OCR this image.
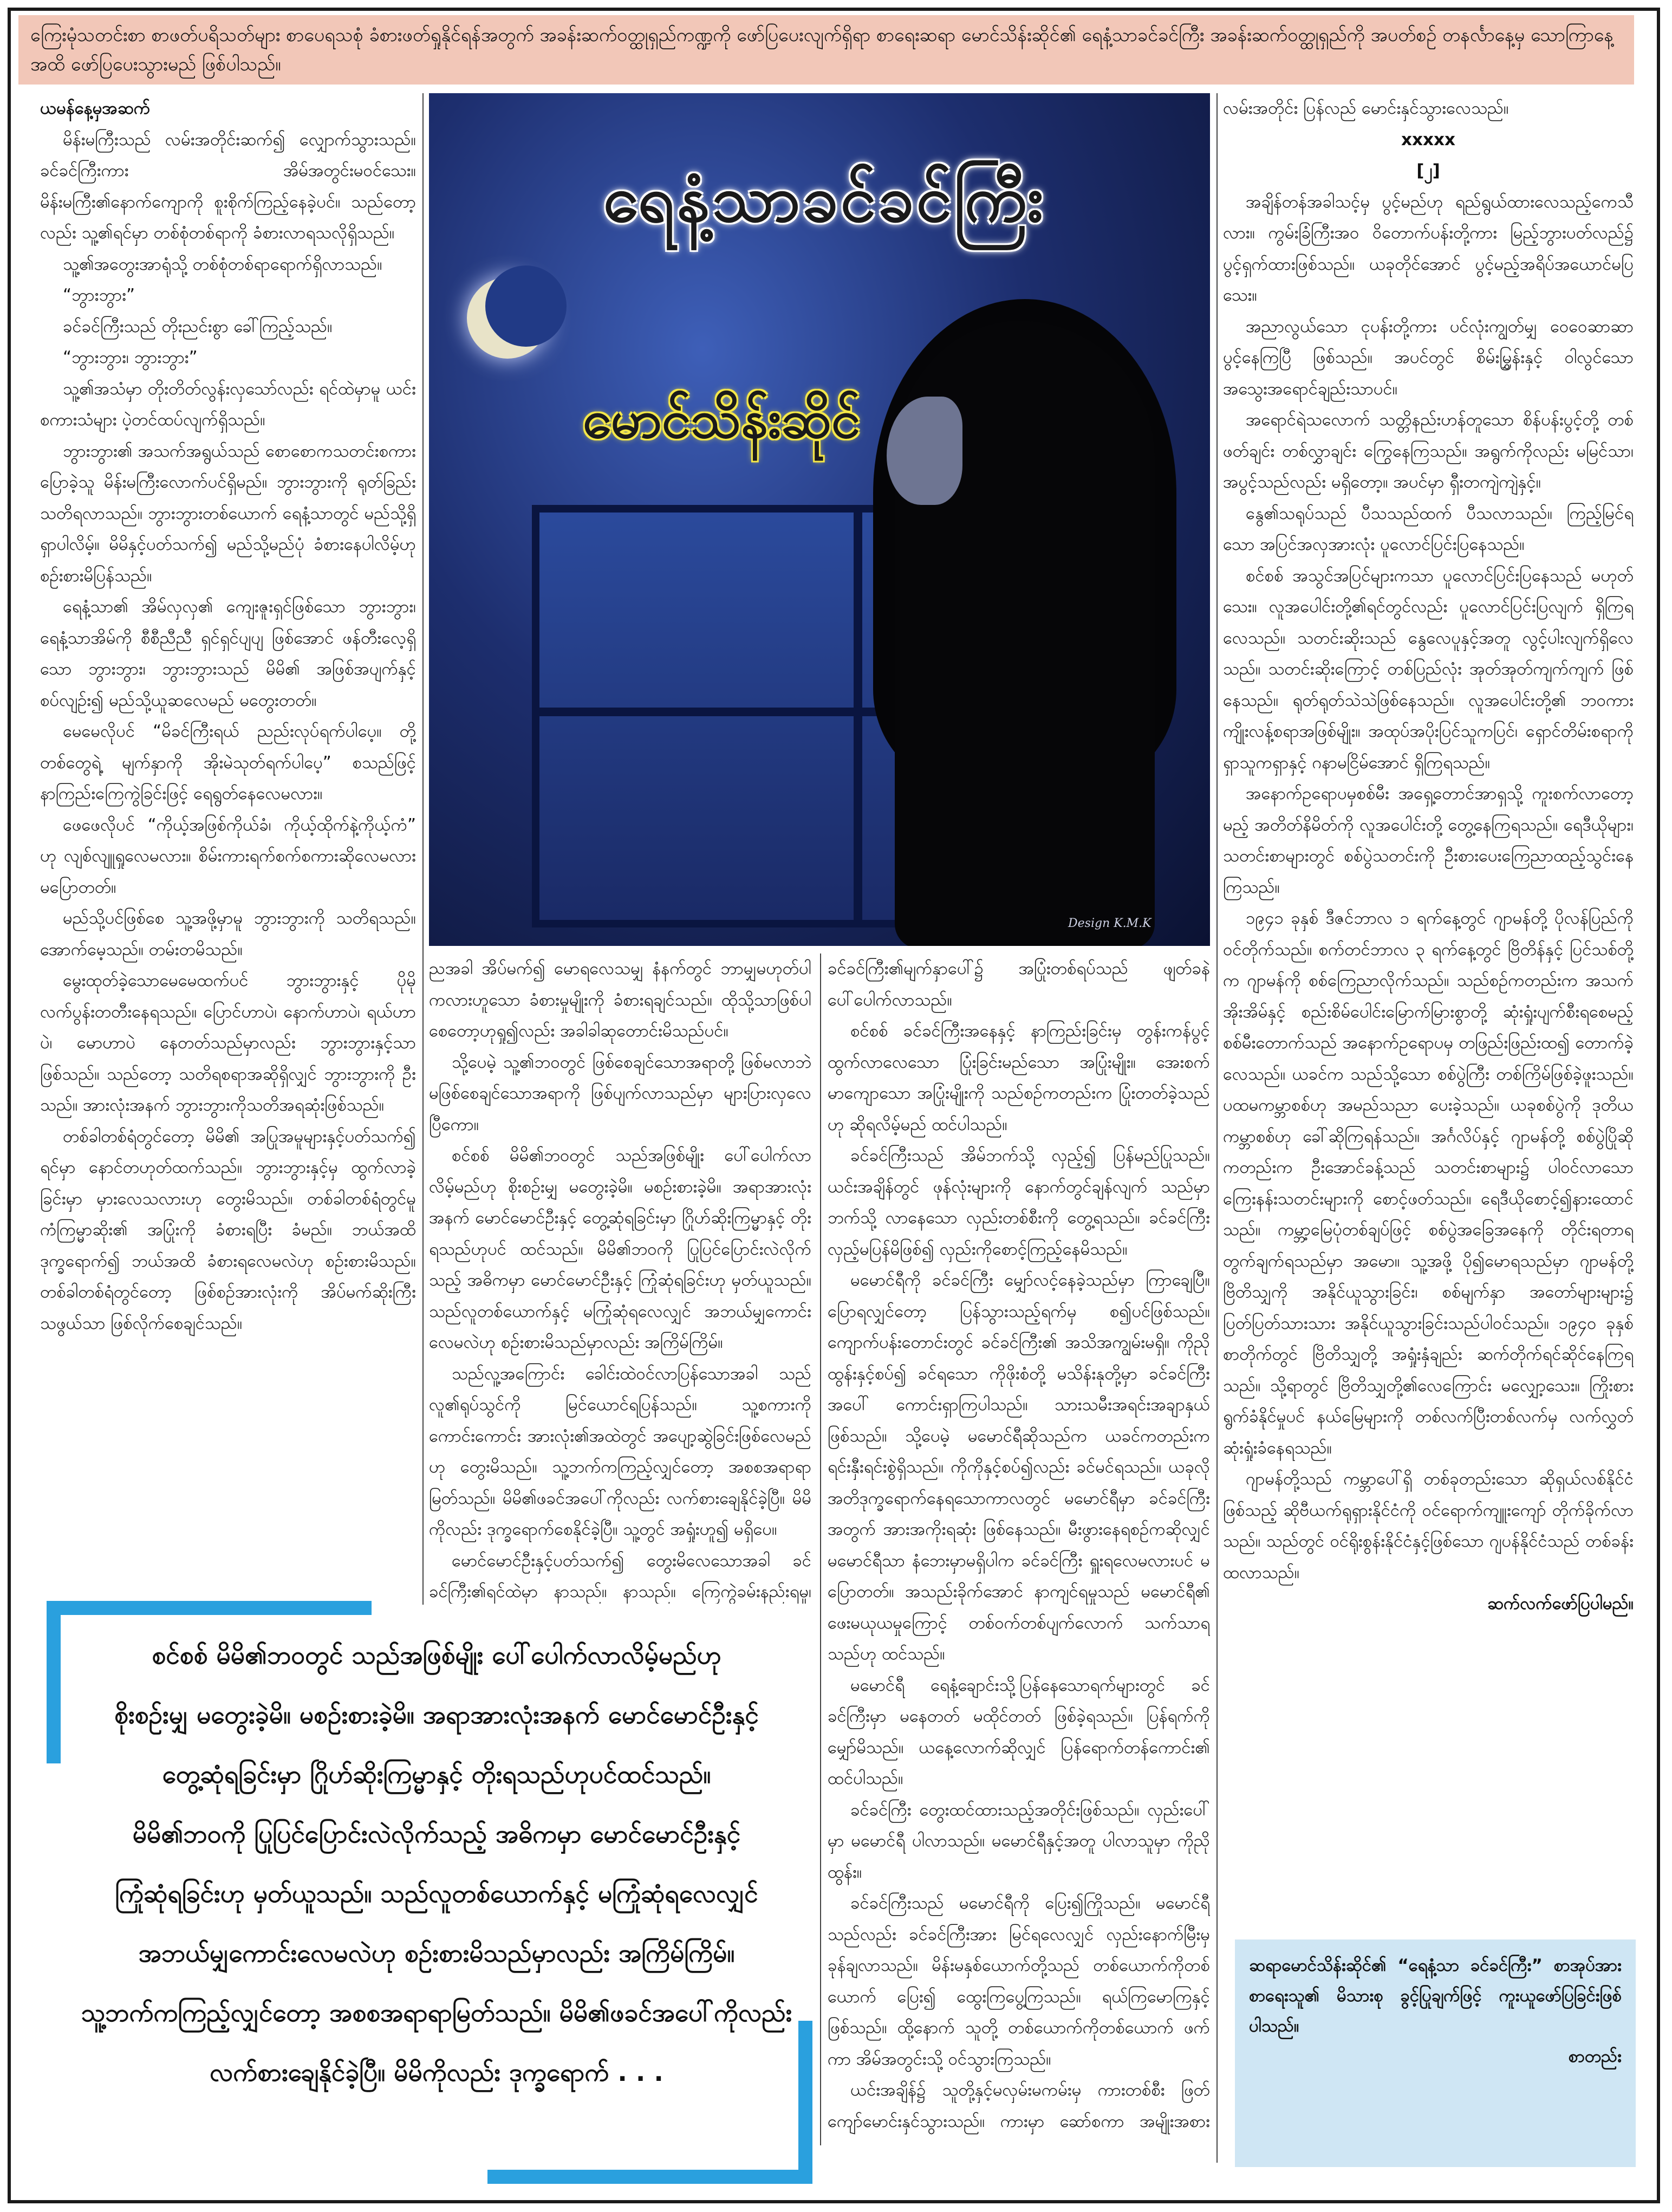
ကြေးမုံသတင်းစာ စာဖတ်ပရိသတ်များ စာပေရသစုံ ခံစားဖတ်ရှုနိုင်ရန်အတွက် အခန်းဆက်ဝတ္ထုရှည်ကဏ္ဍကို ဖော်ပြပေးလျက်ရှိရာ စာရေးဆရာ မောင်သိန်းဆိုင်၏ ရေနံ့သာခင်ခင်ကြီး အခန်းဆက်ဝတ္ထုရှည်ကို အပတ်စဉ် တနင်္လာနေ့မှ သောကြာနေ့အထိ ဖော်ပြပေးသွားမည် ဖြစ်ပါသည်။

ယမန်နေ့မှအဆက်

မိန်းမကြီးသည် လမ်းအတိုင်းဆက်၍ လျှောက်သွားသည်။ ခင်ခင်ကြီးကား အိမ်အတွင်းမဝင်သေး။ မိန်းမကြီး၏နောက်ကျောကို စူးစိုက်ကြည့်နေခဲ့ပင်။ သည်တော့လည်း သူ့၏ရင်မှာ တစ်စုံတစ်ရာကို ခံစားလာရသလိုရှိသည်။

သူ့၏အတွေးအာရုံသို့ တစ်စုံတစ်ရာရောက်ရှိလာသည်။

“ဘွားဘွား”

ခင်ခင်ကြီးသည် တိုးညင်းစွာ ခေါ်ကြည့်သည်။

“ဘွားဘွား၊ ဘွားဘွား”

သူ့၏အသံမှာ တိုးတိတ်လွန်းလှသော်လည်း ရင်ထဲမှာမူ ယင်းစကားသံများ ပဲ့တင်ထပ်လျက်ရှိသည်။

ဘွားဘွား၏ အသက်အရွယ်သည် စောစောကသတင်းစကားပြောခဲ့သူ မိန်းမကြီးလောက်ပင်ရှိမည်။ ဘွားဘွားကို ရုတ်ခြည်းသတိရလာသည်။ ဘွားဘွားတစ်ယောက် ရေနံ့သာတွင် မည်သို့ရှိရှာပါလိမ့်။ မိမိနှင့်ပတ်သက်၍ မည်သို့မည်ပုံ ခံစားနေပါလိမ့်ဟု စဉ်းစားမိပြန်သည်။

ရေနံ့သာ၏ အိမ်လှလှ၏ ကျေးဇူးရှင်ဖြစ်သော ဘွားဘွား၊ ရေနံ့သာအိမ်ကို စီစီညီညီ ရှင်ရှင်ပျပျ ဖြစ်အောင် ဖန်တီးလေ့ရှိသော ဘွားဘွား၊ ဘွားဘွားသည် မိမိ၏ အဖြစ်အပျက်နှင့်စပ်လျဉ်း၍ မည်သို့ယူဆလေမည် မတွေးတတ်။

မေမေလိုပင် “မိခင်ကြီးရယ် ညည်းလုပ်ရက်ပါပေ့။ တို့တစ်တွေရဲ့ မျက်နှာကို အိုးမဲသုတ်ရက်ပါပေ့” စသည်ဖြင့် နာကြည်းကြေကွဲခြင်းဖြင့် ရေရွတ်နေလေမလား။

ဖေဖေလိုပင် “ကိုယ့်အဖြစ်ကိုယ်ခံ၊ ကိုယ့်ထိုက်နဲ့ကိုယ့်ကံ” ဟု လျစ်လျူရှုလေမလား။ စိမ်းကားရက်စက်စကားဆိုလေမလား မပြောတတ်။

မည်သို့ပင်ဖြစ်စေ သူ့အဖို့မှာမူ ဘွားဘွားကို သတိရသည်။ အောက်မေ့သည်။ တမ်းတမိသည်။

မွေးထုတ်ခဲ့သောမေမေထက်ပင် ဘွားဘွားနှင့် ပိုမိုလက်ပွန်းတတီးနေရသည်။ ပြောင်ဟာပဲ၊ နောက်ဟာပဲ၊ ရယ်ဟာပဲ၊ မောဟာပဲ နေတတ်သည်မှာလည်း ဘွားဘွားနှင့်သာဖြစ်သည်။ သည်တော့ သတိရစရာအဆိုရှိလျှင် ဘွားဘွားကို ဦးသည်။ အားလုံးအနက် ဘွားဘွားကိုသတိအရဆုံးဖြစ်သည်။

တစ်ခါတစ်ရံတွင်တော့ မိမိ၏ အပြုအမူများနှင့်ပတ်သက်၍ ရင်မှာ နောင်တဟုတ်ထက်သည်။ ဘွားဘွားနှင့်မှ ထွက်လာခဲ့ခြင်းမှာ မှားလေသလားဟု တွေးမိသည်။ တစ်ခါတစ်ရံတွင်မူ ကံကြမ္မာဆိုး၏ အပြုံးကို ခံစားရပြီး ခံမည်။ ဘယ်အထိ ဒုက္ခရောက်၍ ဘယ်အထိ ခံစားရလေမလဲဟု စဉ်းစားမိသည်။ တစ်ခါတစ်ရံတွင်တော့ ဖြစ်စဉ်အားလုံးကို အိပ်မက်ဆိုးကြီးသဖွယ်သာ ဖြစ်လိုက်စေချင်သည်။

ရေနံ့သာခင်ခင်ကြီး
မောင်သိန်းဆိုင်
Design K.M.K

ညအခါ အိပ်မက်၍ မောရလေသမျှ နံနက်တွင် ဘာမျှမဟုတ်ပါကလားဟူသော ခံစားမှုမျိုးကို ခံစားရချင်သည်။ ထိုသို့သာဖြစ်ပါစေတော့ဟုရှု၍လည်း အခါခါဆုတောင်းမိသည်ပင်။

သို့ပေမဲ့ သူ့၏ဘဝတွင် ဖြစ်စေချင်သောအရာတို့ ဖြစ်မလာဘဲ မဖြစ်စေချင်သောအရာကို ဖြစ်ပျက်လာသည်မှာ များပြားလှလေပြီကော။

စင်စစ် မိမိ၏ဘဝတွင် သည်အဖြစ်မျိုး ပေါ်ပေါက်လာလိမ့်မည်ဟု စိုးစဉ်းမျှ မတွေးခဲ့မိ။ မစဉ်းစားခဲ့မိ။ အရာအားလုံးအနက် မောင်မောင်ဦးနှင့် တွေ့ဆုံရခြင်းမှာ ဂြိုဟ်ဆိုးကြမ္မာနှင့် တိုးရသည်ဟုပင် ထင်သည်။ မိမိ၏ဘဝကို ပြုပြင်ပြောင်းလဲလိုက်သည့် အဓိကမှာ မောင်မောင်ဦးနှင့် ကြုံဆုံရခြင်းဟု မှတ်ယူသည်။ သည်လူတစ်ယောက်နှင့် မကြုံဆုံရလေလျှင် အဘယ်မျှကောင်းလေမလဲဟု စဉ်းစားမိသည်မှာလည်း အကြိမ်ကြိမ်။

သည်လူ့အကြောင်း ခေါင်းထဲဝင်လာပြန်သောအခါ သည်လူ၏ရုပ်သွင်ကို မြင်ယောင်ရပြန်သည်။ သူ့စကားကိုကောင်းကောင်း အားလုံး၏အထဲတွင် အပျော့ဆွဲခြင်းဖြစ်လေမည်ဟု တွေးမိသည်။ သူ့ဘက်ကကြည့်လျှင်တော့ အစစအရာရာ မြတ်သည်။ မိမိ၏ဖခင်အပေါ်ကိုလည်း လက်စားချေနိုင်ခဲ့ပြီ။ မိမိကိုလည်း ဒုက္ခရောက်စေနိုင်ခဲ့ပြီ။ သူ့တွင် အရှုံးဟူ၍ မရှိပေ။

မောင်မောင်ဦးနှင့်ပတ်သက်၍ တွေးမိလေသောအခါ ခင်ခင်ကြီး၏ရင်ထဲမှာ နာသည်။ နာသည်။ ကြေကွဲခမ်းနည်းရမှု၊

ခင်ခင်ကြီး၏မျက်နှာပေါ်၌ အပြုံးတစ်ရပ်သည် ဖျတ်ခနဲ ပေါ်ပေါက်လာသည်။

စင်စစ် ခင်ခင်ကြီးအနေနှင့် နာကြည်းခြင်းမှ တွန်းကန်ပွင့်ထွက်လာလေသော ပြုံးခြင်းမည်သော အပြုံးမျိုး။ အေးစက်မာကျောသော အပြုံးမျိုးကို သည်စဉ်ကတည်းက ပြုံးတတ်ခဲ့သည်ဟု ဆိုရလိမ့်မည် ထင်ပါသည်။

ခင်ခင်ကြီးသည် အိမ်ဘက်သို့ လှည့်၍ ပြန်မည်ပြုသည်။ ယင်းအချိန်တွင် ဖုန်လုံးများကို နောက်တွင်ချန်လျက် သည်မှာဘက်သို့ လာနေသော လှည်းတစ်စီးကို တွေ့ရသည်။ ခင်ခင်ကြီး လှည့်မပြန်မိဖြစ်၍ လှည်းကိုစောင့်ကြည့်နေမိသည်။

မမောင်ရီကို ခင်ခင်ကြီး မျှော်လင့်နေခဲ့သည်မှာ ကြာချေပြီ။ ပြောရလျှင်တော့ ပြန်သွားသည့်ရက်မှ စ၍ပင်ဖြစ်သည်။ ကျောက်ပန်းတောင်းတွင် ခင်ခင်ကြီး၏ အသိအကျွမ်းမရှိ။ ကိုညိုထွန်းနှင့်စပ်၍ ခင်ရသော ကိုဖိုးစံတို့ မသိန်းနုတို့မှာ ခင်ခင်ကြီးအပေါ် ကောင်းရှာကြပါသည်။ သားသမီးအရင်းအချာနှယ် ဖြစ်သည်။ သို့ပေမဲ့ မမောင်ရီဆိုသည်က ယခင်ကတည်းက ရင်းနှီးရင်းစွဲရှိသည်။ ကိုကိုနှင့်စပ်၍လည်း ခင်မင်ရသည်။ ယခုလို အတိဒုက္ခရောက်နေရသောကာလတွင် မမောင်ရီမှာ ခင်ခင်ကြီးအတွက် အားအကိုးရဆုံး ဖြစ်နေသည်။ မီးဖွားနေရစဉ်ကဆိုလျှင် မမောင်ရီသာ နံဘေးမှာမရှိပါက ခင်ခင်ကြီး ရှူးရလေမလားပင် မပြောတတ်။ အသည်းခိုက်အောင် နာကျင်ရမှုသည် မမောင်ရီ၏ ဖေးမယုယမှုကြောင့် တစ်ဝက်တစ်ပျက်လောက် သက်သာရသည်ဟု ထင်သည်။

မမောင်ရီ ရေနံ့ချောင်းသို့ပြန်နေသောရက်များတွင် ခင်ခင်ကြီးမှာ မနေတတ် မထိုင်တတ် ဖြစ်ခဲ့ရသည်။ ပြန်ရက်ကို မျှော်မိသည်။ ယနေ့လောက်ဆိုလျှင် ပြန်ရောက်တန်ကောင်း၏ ထင်ပါသည်။

ခင်ခင်ကြီး တွေးထင်ထားသည့်အတိုင်းဖြစ်သည်။ လှည်းပေါ်မှာ မမောင်ရီ ပါလာသည်။ မမောင်ရီနှင့်အတူ ပါလာသူမှာ ကိုညိုထွန်း။

ခင်ခင်ကြီးသည် မမောင်ရီကို ပြေး၍ကြိုသည်။ မမောင်ရီသည်လည်း ခင်ခင်ကြီးအား မြင်ရလေလျှင် လှည်းနောက်မြီးမှ ခုန်ချလာသည်။ မိန်းမနှစ်ယောက်တို့သည် တစ်ယောက်ကိုတစ်ယောက် ပြေး၍ ထွေးကြပွေ့ကြသည်။ ရယ်ကြမောကြနှင့်ဖြစ်သည်။ ထို့နောက် သူတို့ တစ်ယောက်ကိုတစ်ယောက် ဖက်ကာ အိမ်အတွင်းသို့ ဝင်သွားကြသည်။

ယင်းအချိန်၌ သူတို့နှင့်မလှမ်းမကမ်းမှ ကားတစ်စီး ဖြတ်ကျော်မောင်းနှင်သွားသည်။ ကားမှာ ဆော်စကာ အမျိုးအစား

လမ်းအတိုင်း ပြန်လည် မောင်းနှင်သွားလေသည်။

xxxxx

[၂]

အချိန်တန်အခါသင့်မှ ပွင့်မည်ဟု ရည်ရွယ်ထားလေသည့်ကေသီလား။ ကွမ်းခြံကြီးအဝ ဝိတောက်ပန်းတို့ကား မြည့်ဘွားပတ်လည်၌ ပွင့်ရှက်ထားဖြစ်သည်။ ယခုတိုင်အောင် ပွင့်မည့်အရိပ်အယောင်မပြသေး။

အညာလွယ်သော ငုပန်းတို့ကား ပင်လုံးကျွတ်မျှ ဝေဝေဆာဆာ ပွင့်နေကြပြီ ဖြစ်သည်။ အပင်တွင် စိမ်းမြွှန်းနှင့် ဝါလွင်သော အသွေးအရောင်ချည်းသာပင်။

အရောင်ရဲသလောက် သတ္တိနည်းဟန်တူသော စိန်ပန်းပွင့်တို့ တစ်ဖတ်ချင်း တစ်လွှာချင်း ကြွေနေကြသည်။ အရွက်ကိုလည်း မမြင်သာ၊ အပွင့်သည်လည်း မရှိတော့။ အပင်မှာ ရှီးတကျဲကျဲနှင့်။

နွေ၏သရုပ်သည် ပီသသည်ထက် ပီသလာသည်။ ကြည့်မြင်ရသော အပြင်အလှအားလုံး ပူလောင်ပြင်းပြနေသည်။

စင်စစ် အသွင်အပြင်များကသာ ပူလောင်ပြင်းပြနေသည် မဟုတ်သေး။ လူအပေါင်းတို့၏ရင်တွင်လည်း ပူလောင်ပြင်းပြလျက် ရှိကြရလေသည်။ သတင်းဆိုးသည် နွေလေပူနှင့်အတူ လွင့်ပါးလျက်ရှိလေသည်။ သတင်းဆိုးကြောင့် တစ်ပြည်လုံး အုတ်အုတ်ကျက်ကျက် ဖြစ်နေသည်။ ရုတ်ရုတ်သဲသဲဖြစ်နေသည်။ လူအပေါင်းတို့၏ ဘဝကား ကျိုးလန့်စရာအဖြစ်မျိုး။ အထုပ်အပိုးပြင်သူကပြင်၊ ရှောင်တိမ်းစရာကို ရှာသူကရှာနှင့် ဂနာမငြိမ်အောင် ရှိကြရသည်။

အနောက်ဥရောပမှစစ်မီး အရှေ့တောင်အာရှသို့ ကူးစက်လာတော့မည့် အတိတ်နိမိတ်ကို လူအပေါင်းတို့ တွေ့နေကြရသည်။ ရေဒီယိုများ၊ သတင်းစာများတွင် စစ်ပွဲသတင်းကို ဦးစားပေးကြေညာထည့်သွင်းနေကြသည်။

၁၉၄၁ ခုနှစ် ဒီဇင်ဘာလ ၁ ရက်နေ့တွင် ဂျာမန်တို့ ပိုလန်ပြည်ကို ဝင်တိုက်သည်။ စက်တင်ဘာလ ၃ ရက်နေ့တွင် ဗြိတိန်နှင့် ပြင်သစ်တို့က ဂျာမန်ကို စစ်ကြေညာလိုက်သည်။ သည်စဉ်ကတည်းက အသက်အိုးအိမ်နှင့် စည်းစိမ်ပေါင်းမြောက်မြားစွာတို့ ဆုံးရှုံးပျက်စီးရစေမည့် စစ်မီးတောက်သည် အနောက်ဥရောပမှ တဖြည်းဖြည်းထ၍ တောက်ခဲ့လေသည်။ ယခင်က သည်သို့သော စစ်ပွဲကြီး တစ်ကြိမ်ဖြစ်ခဲ့ဖူးသည်။ ပထမကမ္ဘာစစ်ဟု အမည်သညာ ပေးခဲ့သည်။ ယခုစစ်ပွဲကို ဒုတိယကမ္ဘာစစ်ဟု ခေါ်ဆိုကြရန်သည်။ အင်္ဂလိပ်နှင့် ဂျာမန်တို့ စစ်ပွဲပြိုဆိုကတည်းက ဦးအောင်ခန့်သည် သတင်းစာများ၌ ပါဝင်လာသော ကြေးနန်းသတင်းများကို စောင့်ဖတ်သည်။ ရေဒီယိုစောင့်၍နားထောင် သည်။ ကမ္ဘာ့မြေပုံတစ်ချပ်ဖြင့် စစ်ပွဲအခြေအနေကို တိုင်းရတာရတွက်ချက်ရသည်မှာ အမော။ သူ့အဖို့ ပို၍မောရသည်မှာ ဂျာမန်တို့ ဗြိတိသျှကို အနိုင်ယူသွားခြင်း၊ စစ်မျက်နှာ အတော်များများ၌ ပြတ်ပြတ်သားသား အနိုင်ယူသွားခြင်းသည်ပါဝင်သည်။ ၁၉၄၀ ခုနှစ်စာတိုက်တွင် ဗြိတိသျှတို့ အရှုံးနှံချည်း ဆက်တိုက်ရင်ဆိုင်နေကြရသည်။ သို့ရာတွင် ဗြိတိသျှတို့၏လေကြောင်း မလျှော့သေး။ ကြိုးစားရွက်ခံနိုင်မှုပင် နယ်မြေများကို တစ်လက်ပြီးတစ်လက်မှ လက်လွှတ်ဆုံးရှုံးခံနေရသည်။

ဂျာမန်တို့သည် ကမ္ဘာပေါ်ရှိ တစ်ခုတည်းသော ဆိုရှယ်လစ်နိုင်ငံဖြစ်သည့် ဆိုဗီယက်ရုရှားနိုင်ငံကို ဝင်ရောက်ကျူးကျော် တိုက်ခိုက်လာသည်။ သည်တွင် ဝင်ရိုးစွန်းနိုင်ငံနှင့်ဖြစ်သော ဂျပန်နိုင်ငံသည် တစ်ခန်းထလာသည်။

ဆက်လက်ဖော်ပြပါမည်။

စင်စစ် မိမိ၏ဘဝတွင် သည်အဖြစ်မျိုး ပေါ်ပေါက်လာလိမ့်မည်ဟု
စိုးစဉ်းမျှ မတွေးခဲ့မိ။ မစဉ်းစားခဲ့မိ။ အရာအားလုံးအနက် မောင်မောင်ဦးနှင့်
တွေ့ဆုံရခြင်းမှာ ဂြိုဟ်ဆိုးကြမ္မာနှင့် တိုးရသည်ဟုပင်ထင်သည်။
မိမိ၏ဘဝကို ပြုပြင်ပြောင်းလဲလိုက်သည့် အဓိကမှာ မောင်မောင်ဦးနှင့်
ကြုံဆုံရခြင်းဟု မှတ်ယူသည်။ သည်လူတစ်ယောက်နှင့် မကြုံဆုံရလေလျှင်
အဘယ်မျှကောင်းလေမလဲဟု စဉ်းစားမိသည်မှာလည်း အကြိမ်ကြိမ်။
သူ့ဘက်ကကြည့်လျှင်တော့ အစစအရာရာမြတ်သည်။ မိမိ၏ဖခင်အပေါ်ကိုလည်း
လက်စားချေနိုင်ခဲ့ပြီ။ မိမိကိုလည်း ဒုက္ခရောက် . . .
ဆရာမောင်သိန်းဆိုင်၏ “ရေနံ့သာ ခင်ခင်ကြီး” စာအုပ်အား စာရေးသူ၏ မိသားစု ခွင့်ပြုချက်ဖြင့် ကူးယူဖော်ပြခြင်းဖြစ်ပါသည်။
စာတည်း
